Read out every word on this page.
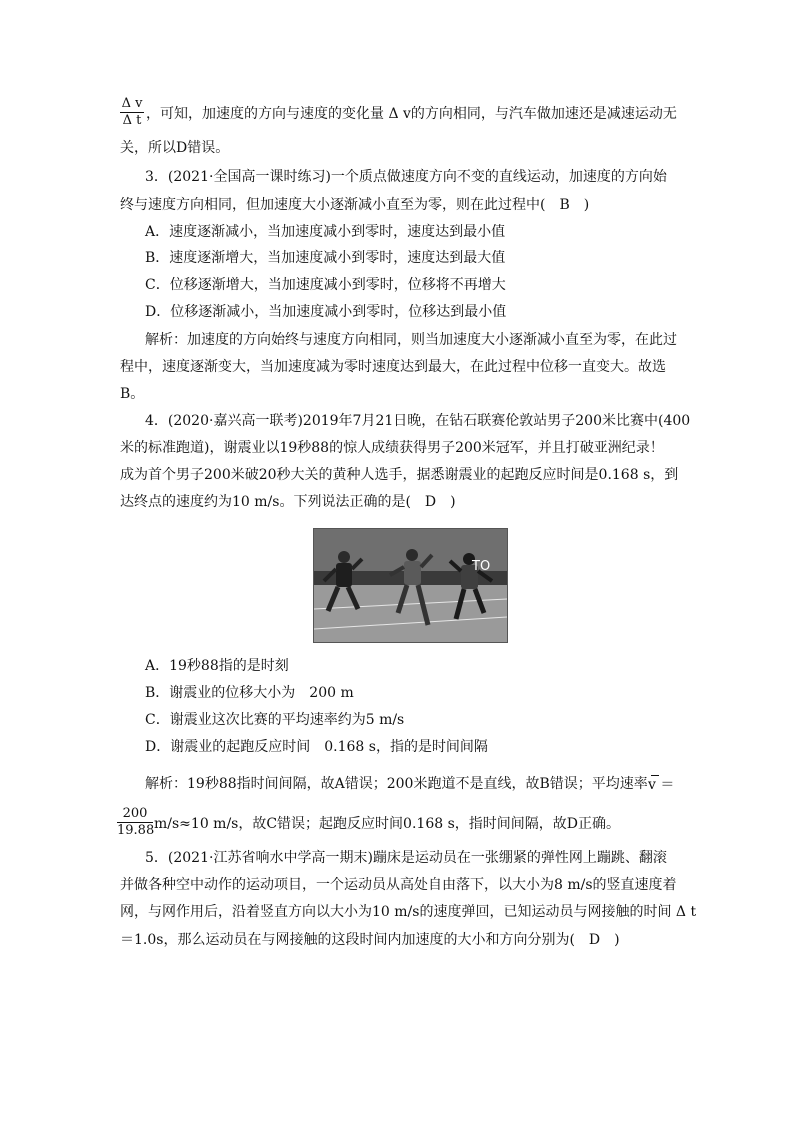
$\frac{\text{Δ v}}{\text{Δ t}}$ ，可知，加速度的方向与速度的变化量 Δ v的方向相同，与汽车做加速还是减速运动无
关，所以D错误。
3．(2021·全国高一课时练习)一个质点做速度方向不变的直线运动，加速度的方向始
终与速度方向相同，但加速度大小逐渐减小直至为零，则在此过程中(　B　)
A．速度逐渐减小，当加速度减小到零时，速度达到最小值
B．速度逐渐增大，当加速度减小到零时，速度达到最大值
C．位移逐渐增大，当加速度减小到零时，位移将不再增大
D．位移逐渐减小，当加速度减小到零时，位移达到最小值
解析：加速度的方向始终与速度方向相同，则当加速度大小逐渐减小直至为零，在此过
程中，速度逐渐变大，当加速度减为零时速度达到最大，在此过程中位移一直变大。故选
B。
4．(2020·嘉兴高一联考)2019年7月21日晚，在钻石联赛伦敦站男子200米比赛中(400
米的标准跑道)，谢震业以19秒88的惊人成绩获得男子200米冠军，并且打破亚洲纪录！
成为首个男子200米破20秒大关的黄种人选手，据悉谢震业的起跑反应时间是0.168 s，到
达终点的速度约为10 m/s。下列说法正确的是(　D　)
TO
A．19秒88指的是时刻
B．谢震业的位移大小为　200 m
C．谢震业这次比赛的平均速率约为5 m/s
D．谢震业的起跑反应时间　0.168 s，指的是时间间隔
解析：19秒88指时间间隔，故A错误；200米跑道不是直线，故B错误；平均速率 v ＝
$\frac{200}{19.88} m/s\approx 10$ m/s，故C错误；起跑反应时间0.168 s，指时间间隔，故D正确。
5．(2021·江苏省响水中学高一期末)蹦床是运动员在一张绷紧的弹性网上蹦跳、翻滚
并做各种空中动作的运动项目，一个运动员从高处自由落下，以大小为8 m/s的竖直速度着
网，与网作用后，沿着竖直方向以大小为10 m/s的速度弹回，已知运动员与网接触的时间 Δ t
＝1.0s，那么运动员在与网接触的这段时间内加速度的大小和方向分别为(　D　)
